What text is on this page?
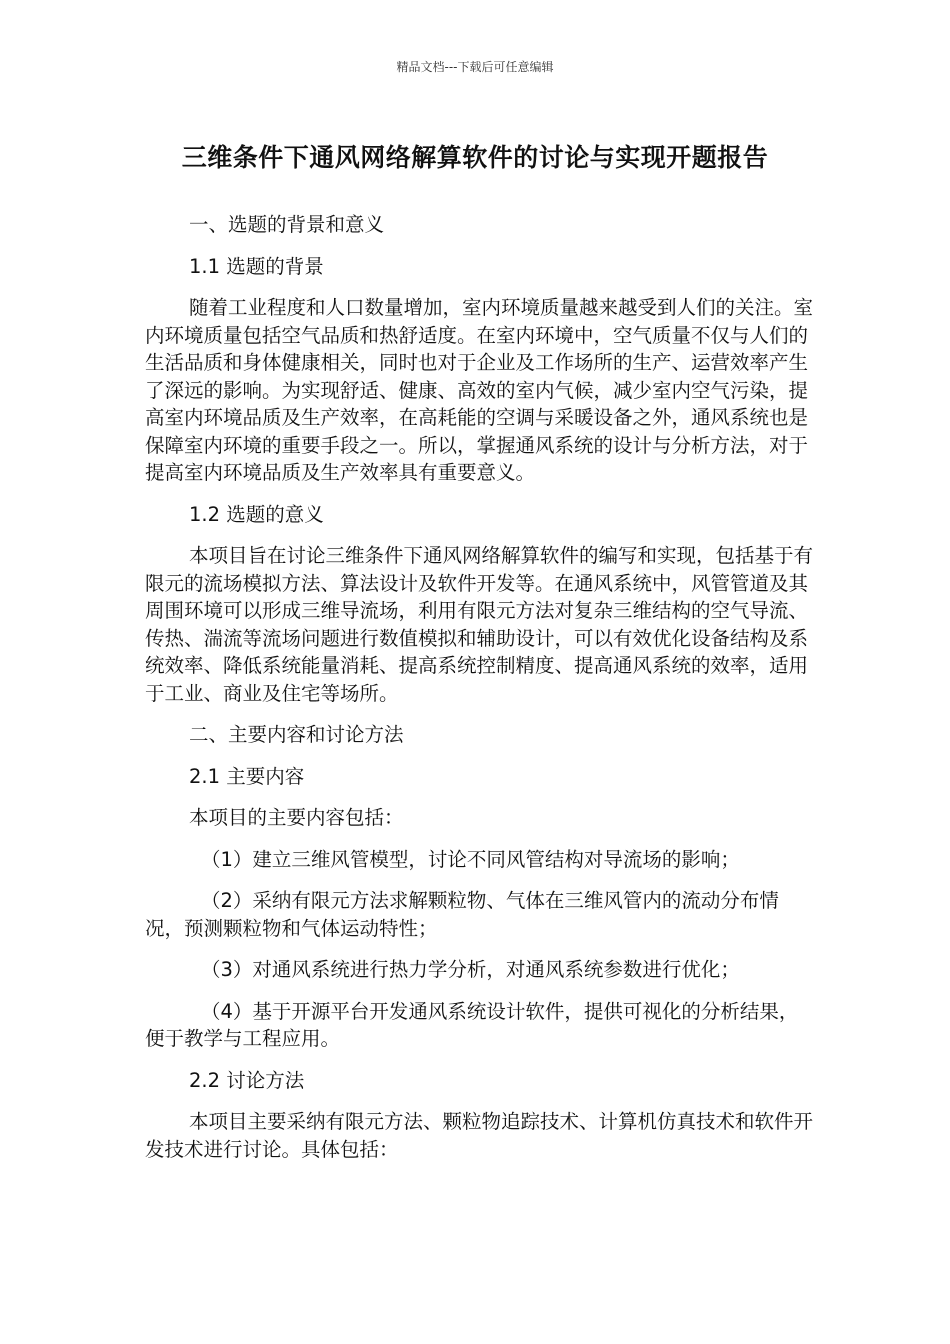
精品文档---下载后可任意编辑
三维条件下通风网络解算软件的讨论与实现开题报告

一、选题的背景和意义

1.1 选题的背景

随着工业程度和人口数量增加，室内环境质量越来越受到人们的关注。室内环境质量包括空气品质和热舒适度。在室内环境中，空气质量不仅与人们的生活品质和身体健康相关，同时也对于企业及工作场所的生产、运营效率产生了深远的影响。为实现舒适、健康、高效的室内气候，减少室内空气污染，提高室内环境品质及生产效率，在高耗能的空调与采暖设备之外，通风系统也是保障室内环境的重要手段之一。所以，掌握通风系统的设计与分析方法，对于提高室内环境品质及生产效率具有重要意义。

1.2 选题的意义

本项目旨在讨论三维条件下通风网络解算软件的编写和实现，包括基于有限元的流场模拟方法、算法设计及软件开发等。在通风系统中，风管管道及其周围环境可以形成三维导流场，利用有限元方法对复杂三维结构的空气导流、传热、湍流等流场问题进行数值模拟和辅助设计，可以有效优化设备结构及系统效率、降低系统能量消耗、提高系统控制精度、提高通风系统的效率，适用于工业、商业及住宅等场所。

二、主要内容和讨论方法

2.1 主要内容

本项目的主要内容包括：

（1）建立三维风管模型，讨论不同风管结构对导流场的影响；

（2）采纳有限元方法求解颗粒物、气体在三维风管内的流动分布情况，预测颗粒物和气体运动特性；

（3）对通风系统进行热力学分析，对通风系统参数进行优化；

（4）基于开源平台开发通风系统设计软件，提供可视化的分析结果，便于教学与工程应用。

2.2 讨论方法

本项目主要采纳有限元方法、颗粒物追踪技术、计算机仿真技术和软件开发技术进行讨论。具体包括：
